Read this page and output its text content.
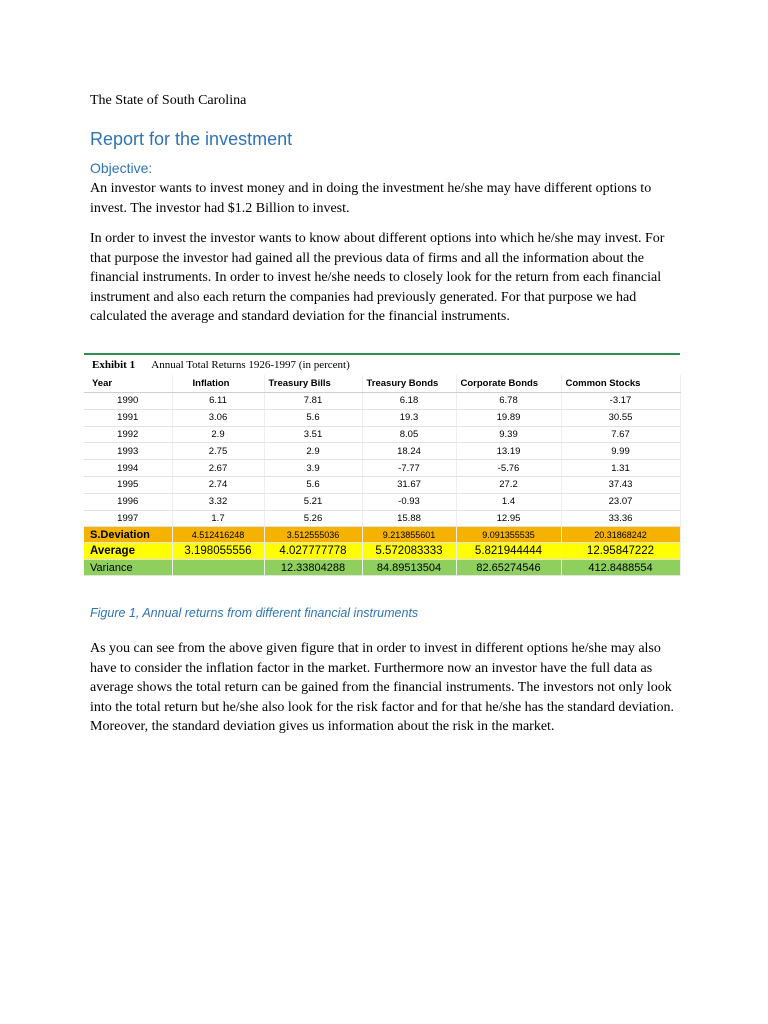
The State of South Carolina
Report for the investment
Objective:

An investor wants to invest money and in doing the investment he/she may have different options to invest. The investor had $1.2 Billion to invest.

In order to invest the investor wants to know about different options into which he/she may invest. For that purpose the investor had gained all the previous data of firms and all the information about the financial instruments. In order to invest he/she needs to closely look for the return from each financial instrument and also each return the companies had previously generated. For that purpose we had calculated the average and standard deviation for the financial instruments.

Exhibit 1 Annual Total Returns 1926-1997 (in percent)
Year	Inflation	Treasury Bills	Treasury Bonds	Corporate Bonds	Common Stocks
1990	6.11	7.81	6.18	6.78	-3.17
1991	3.06	5.6	19.3	19.89	30.55
1992	2.9	3.51	8.05	9.39	7.67
1993	2.75	2.9	18.24	13.19	9.99
1994	2.67	3.9	-7.77	-5.76	1.31
1995	2.74	5.6	31.67	27.2	37.43
1996	3.32	5.21	-0.93	1.4	23.07
1997	1.7	5.26	15.88	12.95	33.36
S.Deviation	4.512416248	3.512555036	9.213855601	9.091355535	20.31868242
Average	3.198055556	4.027777778	5.572083333	5.821944444	12.95847222
Variance		12.33804288	84.89513504	82.65274546	412.8488554
Figure 1, Annual returns from different financial instruments

As you can see from the above given figure that in order to invest in different options he/she may also have to consider the inflation factor in the market. Furthermore now an investor have the full data as average shows the total return can be gained from the financial instruments. The investors not only look into the total return but he/she also look for the risk factor and for that he/she has the standard deviation. Moreover, the standard deviation gives us information about the risk in the market.
